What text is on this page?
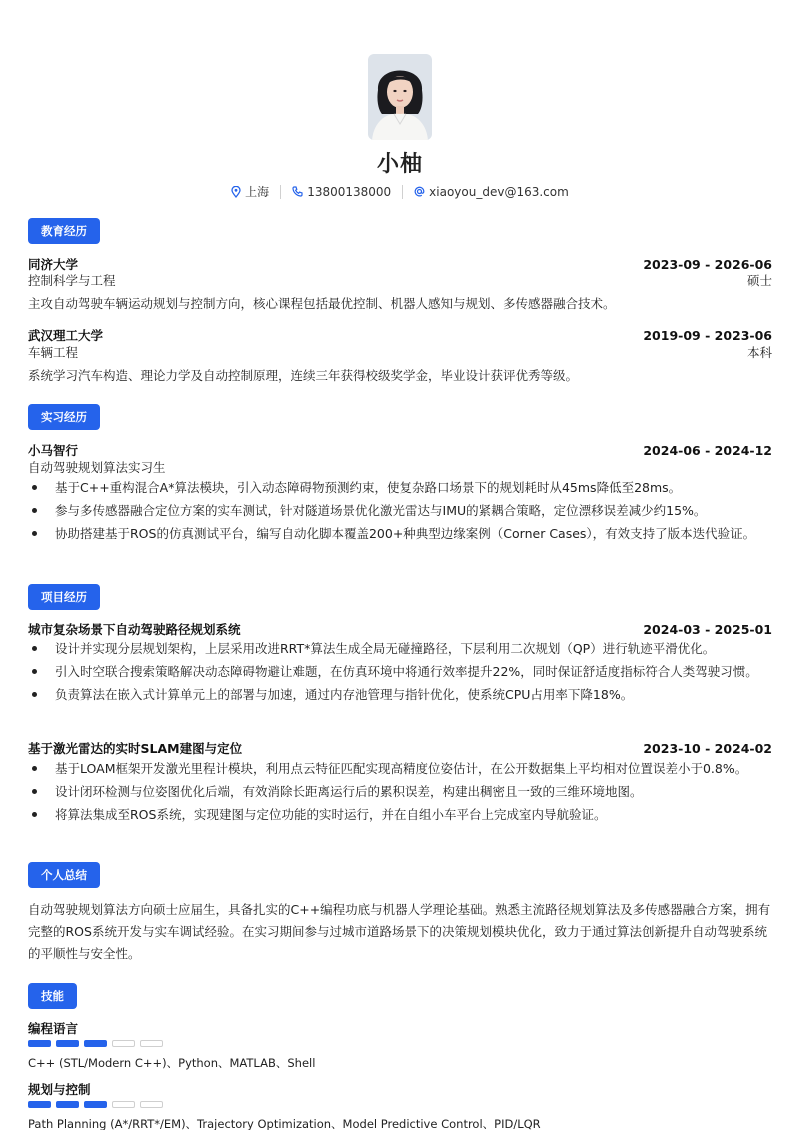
小柚
上海	13800138000	xiaoyou_dev@163.com
教育经历
同济大学	2023-09 - 2026-06
控制科学与工程	硕士
主攻自动驾驶车辆运动规划与控制方向，核心课程包括最优控制、机器人感知与规划、多传感器融合技术。
武汉理工大学	2019-09 - 2023-06
车辆工程	本科
系统学习汽车构造、理论力学及自动控制原理，连续三年获得校级奖学金，毕业设计获评优秀等级。
实习经历
小马智行	2024-06 - 2024-12
自动驾驶规划算法实习生
基于C++重构混合A*算法模块，引入动态障碍物预测约束，使复杂路口场景下的规划耗时从45ms降低至28ms。
参与多传感器融合定位方案的实车测试，针对隧道场景优化激光雷达与IMU的紧耦合策略，定位漂移误差减少约15%。
协助搭建基于ROS的仿真测试平台，编写自动化脚本覆盖200+种典型边缘案例（Corner Cases），有效支持了版本迭代验证。
项目经历
城市复杂场景下自动驾驶路径规划系统	2024-03 - 2025-01
设计并实现分层规划架构，上层采用改进RRT*算法生成全局无碰撞路径，下层利用二次规划（QP）进行轨迹平滑优化。
引入时空联合搜索策略解决动态障碍物避让难题，在仿真环境中将通行效率提升22%，同时保证舒适度指标符合人类驾驶习惯。
负责算法在嵌入式计算单元上的部署与加速，通过内存池管理与指针优化，使系统CPU占用率下降18%。
基于激光雷达的实时SLAM建图与定位	2023-10 - 2024-02
基于LOAM框架开发激光里程计模块，利用点云特征匹配实现高精度位姿估计，在公开数据集上平均相对位置误差小于0.8%。
设计闭环检测与位姿图优化后端，有效消除长距离运行后的累积误差，构建出稠密且一致的三维环境地图。
将算法集成至ROS系统，实现建图与定位功能的实时运行，并在自组小车平台上完成室内导航验证。
个人总结
自动驾驶规划算法方向硕士应届生，具备扎实的C++编程功底与机器人学理论基础。熟悉主流路径规划算法及多传感器融合方案，拥有完整的ROS系统开发与实车调试经验。在实习期间参与过城市道路场景下的决策规划模块优化，致力于通过算法创新提升自动驾驶系统的平顺性与安全性。
技能
编程语言
C++ (STL/Modern C++)、Python、MATLAB、Shell
规划与控制
Path Planning (A*/RRT*/EM)、Trajectory Optimization、Model Predictive Control、PID/LQR
